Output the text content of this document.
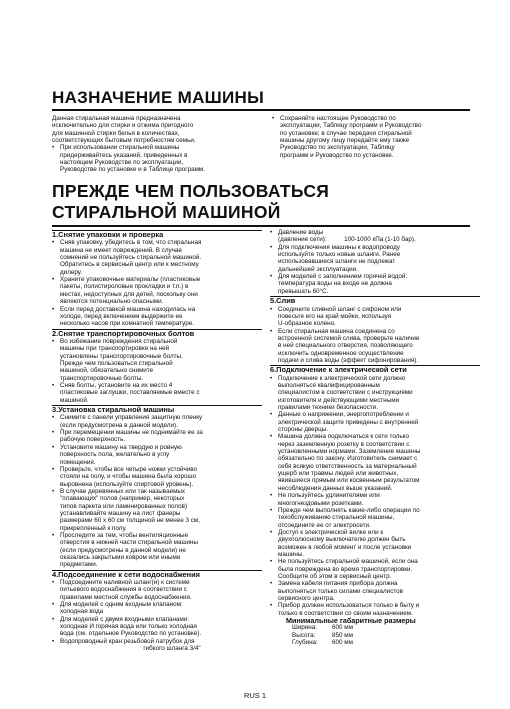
НАЗНАЧЕНИЕ МАШИНЫ

Данная стиральная машина предназначена

исключительно для стирки и отжима пригодного

для машинной стирки белья в количествах,

соответствующих бытовым потребностям семьи.

• При использовании стиральной машины

придерживайтесь указаний, приведенных в

настоящем Руководстве по эксплуатации,

Руководстве по установке и в Таблице программ.

• Сохраняйте настоящее Руководство по

эксплуатации, Таблицу программ и Руководство

по установке; в случае передачи стиральной

машины другому лицу передайте ему также

Руководство по эксплуатации, Таблицу

программ и Руководство по установке.

ПРЕЖДЕ ЧЕМ ПОЛЬЗОВАТЬСЯ
СТИРАЛЬНОЙ МАШИНОЙ
1.Снятие упаковки и проверка

• Сняв упаковку, убедитесь в том, что стиральная

машина не имеет повреждений. В случае

сомнений не пользуйтесь стиральной машиной.

Обратитесь в сервисный центр или к местному

дилеру.

• Храните упаковочные материалы (пластиковые

пакеты, полистироловые прокладки и т.п.) в

местах, недоступных для детей, поскольку они

являются потенциально опасными.

• Если перед доставкой машина находилась на

холоде, перед включением выдержите ее

несколько часов при комнатной температуре.

2.Снятие транспортировочных болтов

• Во избежание повреждения стиральной

машины при транспортировке на ней

установлены транспортировочные болты.

Прежде чем пользоваться стиральной

машиной, обязательно снимите

транспортировочные болты.

• Сняв болты, установите на их место 4

пластиковые заглушки, поставляемые вместе с

машиной.

3.Установка стиральной машины

• Снимите с панели управления защитную пленку

(если предусмотрена в данной модели).

• При перемещении машины не поднимайте ее за

рабочую поверхность.

• Установите машину на твердую и ровную

поверхность пола, желательно в углу

помещения.

• Проверьте, чтобы все четыре ножки устойчиво

стояли на полу, и чтобы машина была хорошо

выровнена (используйте спиртовой уровень).

• В случае деревянных или так называемых

"плавающих" полов (например, некоторых

типов паркета или ламинированных полов)

устанавливайте машину на лист фанеры

размерами 60 х 60 см толщиной не менее 3 см,

прикрепленный к полу.

• Проследите за тем, чтобы вентиляционные

отверстия в нижней части стиральной машины

(если предусмотрены в данной модели) не

оказались закрытыми ковром или иными

предметами.

4.Подсоединение к сети водоснабжения

• Подсоедините наливной шланг(и) к системе

питьевого водоснабжения в соответствии с

правилами местной службы водоснабжения.

• Для моделей с одним входным клапаном:

холодная вода

• Для моделей с двумя входными клапанами:

холодная И горячая вода или только холодная

вода (см. отдельное Руководство по установке).

• Водопроводный кран:резьбовой патрубок для

гибкого шланга 3/4"

• Давление воды

(давление сети):          100-1000 кПа (1-10 бар).

• Для подключения машины к водопроводу

используйте только новые шланги. Ранее

использовавшиеся шланги не подлежат

дальнейшей эксплуатации.

• Для моделей с заполнением горячей водой:

температура воды на входе не должна

превышать 60°С.

5.Слив

• Соедините сливной шланг с сифоном или

повесьте его на край мойки, используя

U-образное колено.

• Если стиральная машина соединена со

встроенной системой слива, проверьте наличие

в ней специального отверстия, позволяющего

исключить одновременное осуществление

подачи и слива воды (эффект сифонирования).

6.Подключение к электрической сети

• Подключение к электрической сети должно

выполняться квалифицированным

специалистом в соответствии с инструкциями

изготовителя и действующими местными

правилами техники безопасности.

• Данные о напряжении, энергопотреблении и

электрической защите приведены с внутренней

стороны дверцы.

• Машина должна подключаться к сети только

через заземленную розетку в соответствии с

установленными нормами. Заземление машины

обязательно по закону. Изготовитель снимает с

себя всякую ответственность за материальный

ущерб или травмы людей или животных,

явившиеся прямым или косвенным результатом

несоблюдения данных выше указаний.

• Не пользуйтесь удлинителями или

многогнездовыми розетками.

• Прежде чем выполнять какие-либо операции по

техобслуживанию стиральной машины,

отсоедините ее от электросети.

• Доступ к электрической вилке или к

двухполюсному выключателю должен быть

возможен в любой момент и после установки

машины.

• Не пользуйтесь стиральной машиной, если она

была повреждена во время транспортировки.

Сообщите об этом в сервисный центр.

• Замена кабеля питания прибора должна

выполняться только силами специалистов

сервисного центра.

• Прибор должен использоваться только в быту и

только в соответствии со своим назначением.

Минимальные габаритные размеры
Ширина:	600 мм
Высота:	850 мм
Глубина:	600 мм
RUS 1
